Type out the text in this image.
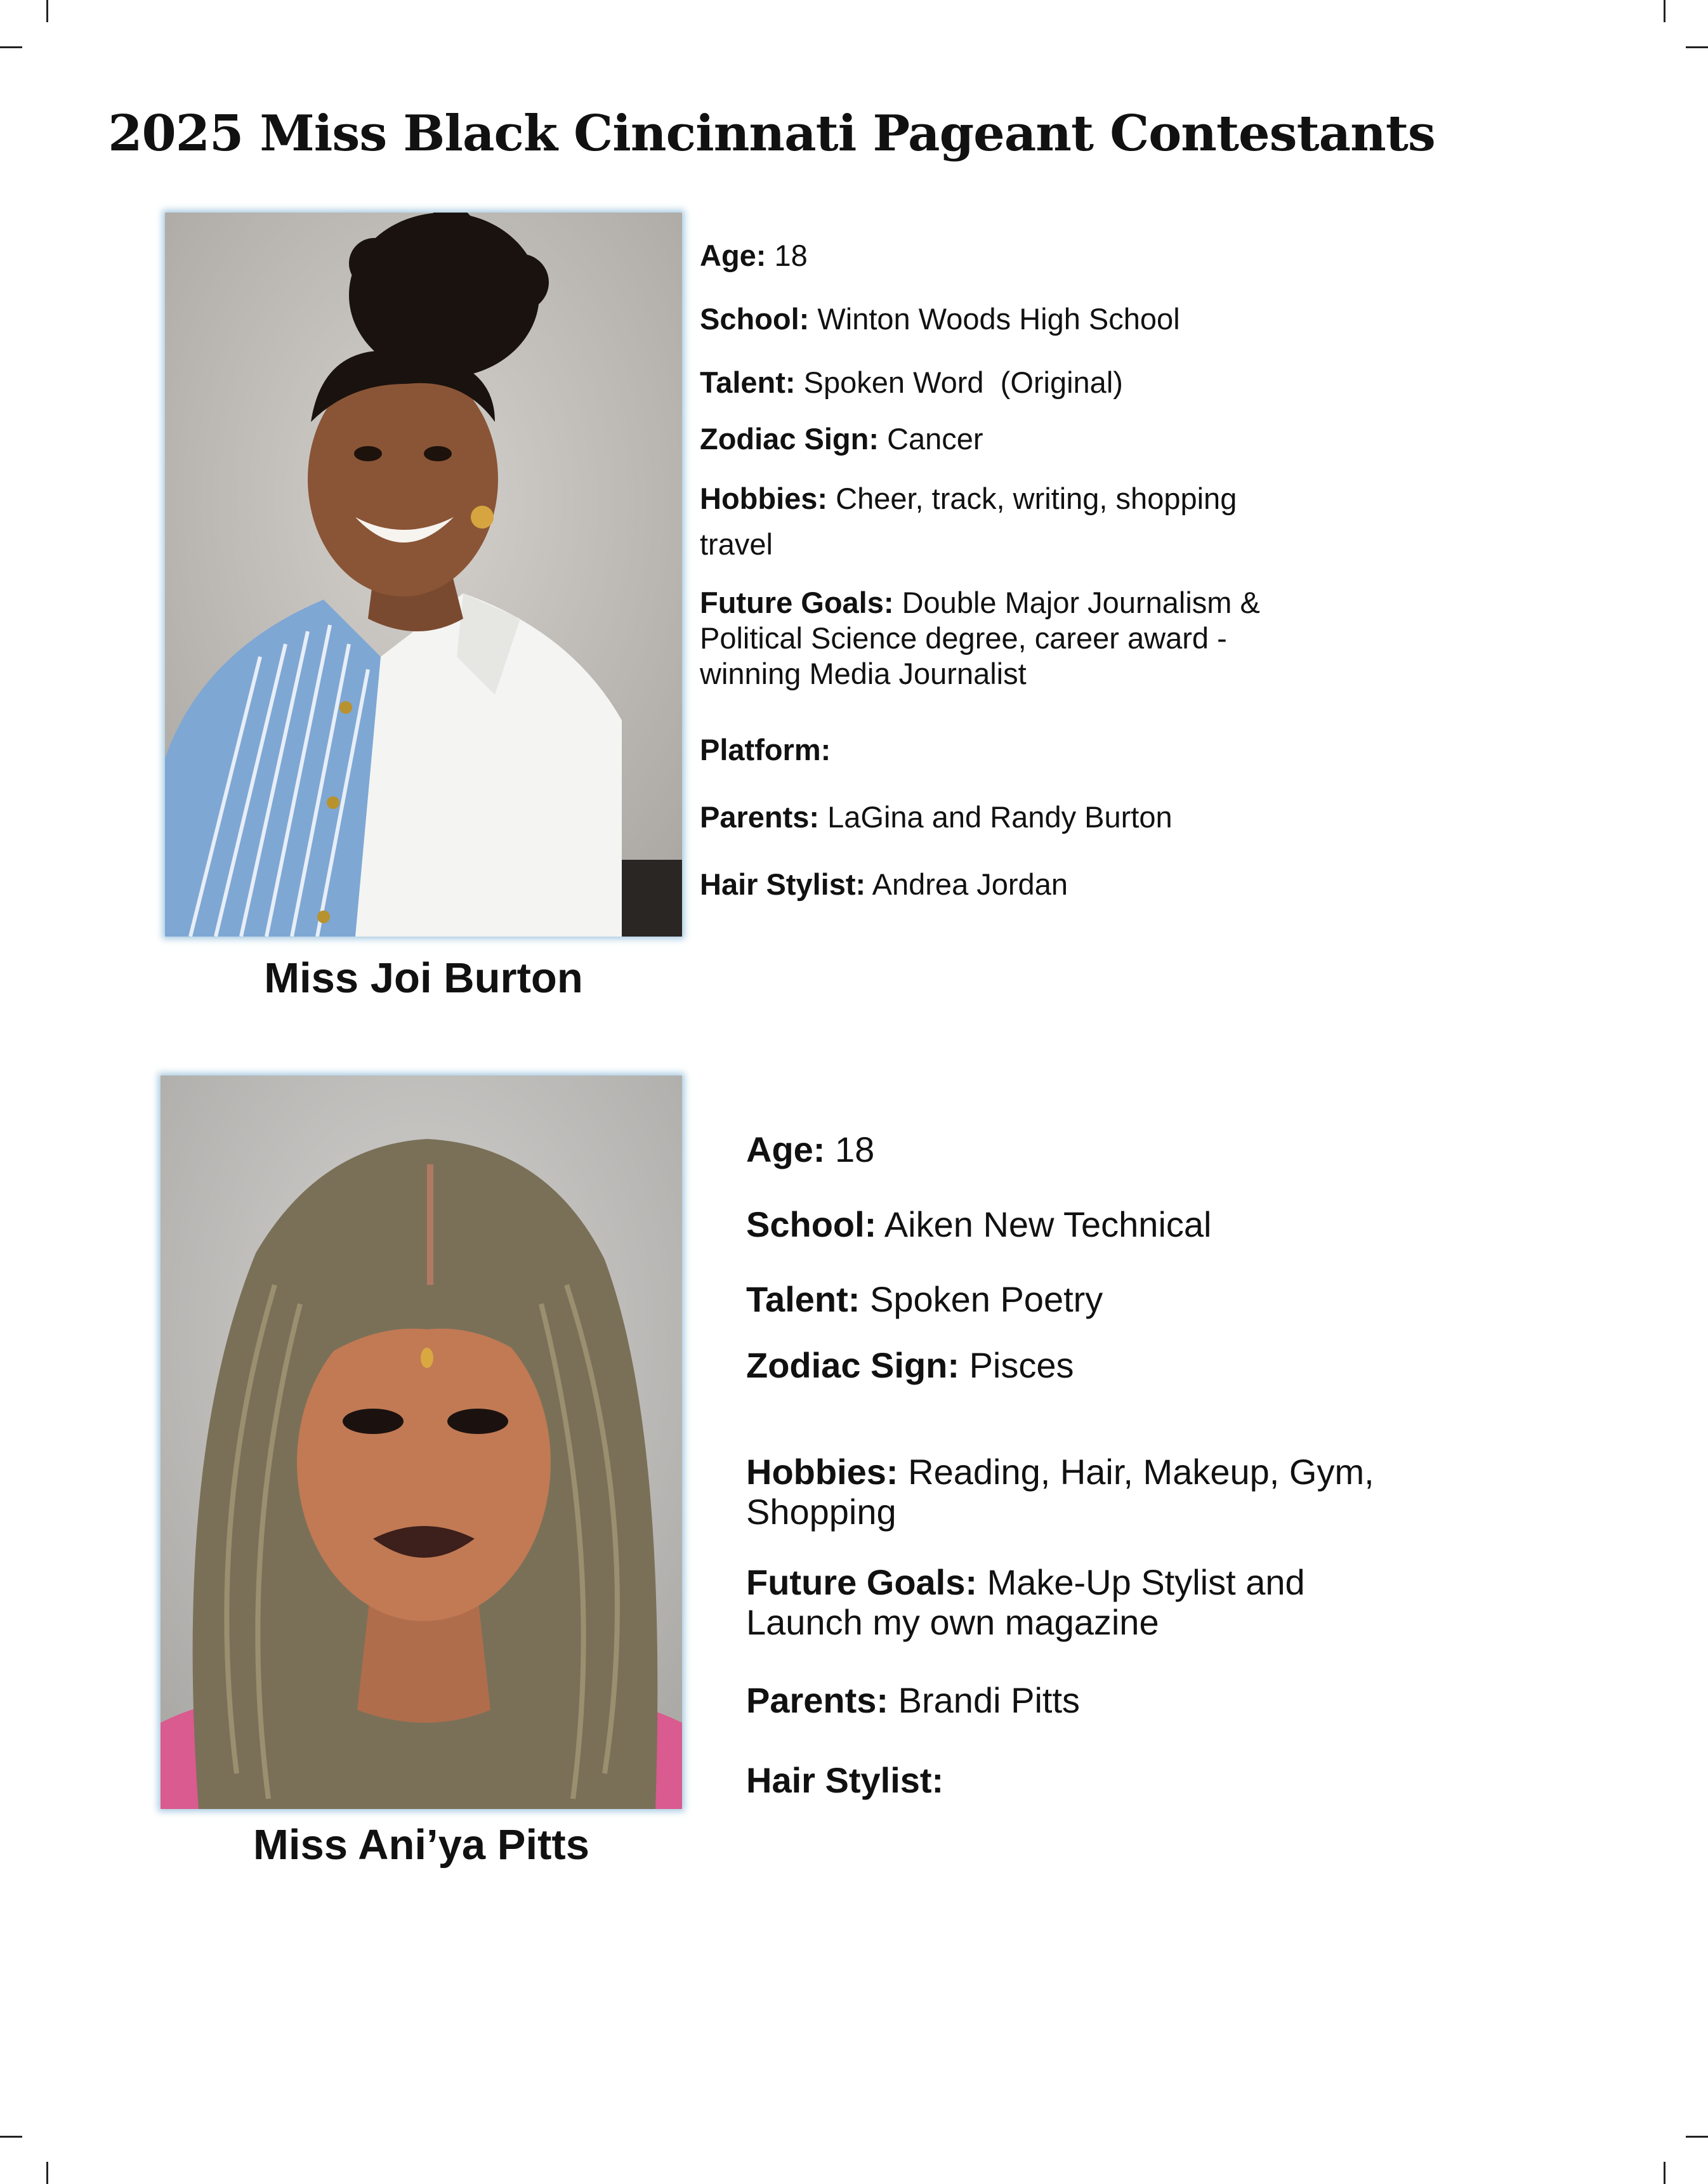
2025 Miss Black Cincinnati Pageant Contestants

Miss Joi Burton

Age: 18

School: Winton Woods High School

Talent: Spoken Word  (Original)

Zodiac Sign: Cancer

Hobbies: Cheer, track, writing, shopping travel

Future Goals: Double Major Journalism & Political Science degree, career award - winning Media Journalist

Platform:

Parents: LaGina and Randy Burton

Hair Stylist: Andrea Jordan

Miss Ani’ya Pitts

Age: 18

School: Aiken New Technical

Talent: Spoken Poetry

Zodiac Sign: Pisces

Hobbies: Reading, Hair, Makeup, Gym, Shopping

Future Goals: Make-Up Stylist and Launch my own magazine

Parents: Brandi Pitts

Hair Stylist:
